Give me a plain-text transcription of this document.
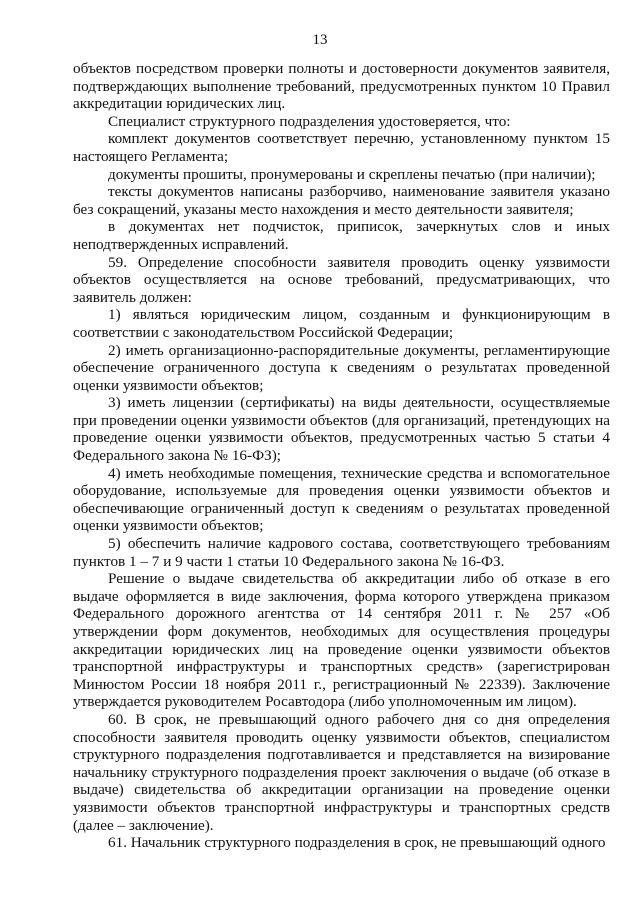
13

объектов посредством проверки полноты и достоверности документов заявителя, подтверждающих выполнение требований, предусмотренных пунктом 10 Правил аккредитации юридических лиц.

Специалист структурного подразделения удостоверяется, что:

комплект документов соответствует перечню, установленному пунктом 15 настоящего Регламента;

документы прошиты, пронумерованы и скреплены печатью (при наличии);

тексты документов написаны разборчиво, наименование заявителя указано без сокращений, указаны место нахождения и место деятельности заявителя;

в документах нет подчисток, приписок, зачеркнутых слов и иных неподтвержденных исправлений.

59. Определение способности заявителя проводить оценку уязвимости объектов осуществляется на основе требований, предусматривающих, что заявитель должен:

1) являться юридическим лицом, созданным и функционирующим в соответствии с законодательством Российской Федерации;

2) иметь организационно-распорядительные документы, регламентирующие обеспечение ограниченного доступа к сведениям о результатах проведенной оценки уязвимости объектов;

3) иметь лицензии (сертификаты) на виды деятельности, осуществляемые при проведении оценки уязвимости объектов (для организаций, претендующих на проведение оценки уязвимости объектов, предусмотренных частью 5 статьи 4 Федерального закона № 16-ФЗ);

4) иметь необходимые помещения, технические средства и вспомогательное оборудование, используемые для проведения оценки уязвимости объектов и обеспечивающие ограниченный доступ к сведениям о результатах проведенной оценки уязвимости объектов;

5) обеспечить наличие кадрового состава, соответствующего требованиям пунктов 1 – 7 и 9 части 1 статьи 10 Федерального закона № 16-ФЗ.

Решение о выдаче свидетельства об аккредитации либо об отказе в его выдаче оформляется в виде заключения, форма которого утверждена приказом Федерального дорожного агентства от 14 сентября 2011 г. № 257 «Об утверждении форм документов, необходимых для осуществления процедуры аккредитации юридических лиц на проведение оценки уязвимости объектов транспортной инфраструктуры и транспортных средств» (зарегистрирован Минюстом России 18 ноября 2011 г., регистрационный № 22339). Заключение утверждается руководителем Росавтодора (либо уполномоченным им лицом).

60. В срок, не превышающий одного рабочего дня со дня определения способности заявителя проводить оценку уязвимости объектов, специалистом структурного подразделения подготавливается и представляется на визирование начальнику структурного подразделения проект заключения о выдаче (об отказе в выдаче) свидетельства об аккредитации организации на проведение оценки уязвимости объектов транспортной инфраструктуры и транспортных средств (далее – заключение).

61. Начальник структурного подразделения в срок, не превышающий одного
